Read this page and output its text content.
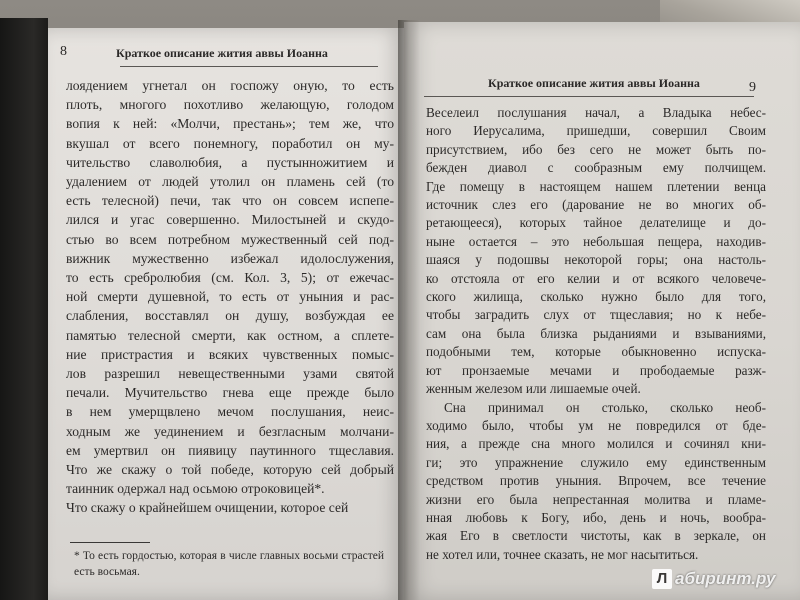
8	Краткое описание жития аввы Иоанна
лоядением угнетал он госпожу оную, то есть
плоть, многого похотливо желающую, голодом
вопия к ней: «Молчи, престань»; тем же, что
вкушал от всего понемногу, поработил он му-
чительство славолюбия, а пустынножитием и
удалением от людей утолил он пламень сей (то
есть телесной) печи, так что он совсем испепе-
лился и угас совершенно. Милостыней и скудо-
стью во всем потребном мужественный сей под-
вижник мужественно избежал идолослужения,
то есть сребролюбия (см. Кол. 3, 5); от ежечас-
ной смерти душевной, то есть от уныния и рас-
слабления, восставлял он душу, возбуждая ее
памятью телесной смерти, как остном, а сплете-
ние пристрастия и всяких чувственных помыс-
лов разрешил невещественными узами святой
печали. Мучительство гнева еще прежде было
в нем умерщвлено мечом послушания, неис-
ходным же уединением и безгласным молчани-
ем умертвил он пиявицу паутинного тщеславия.
Что же скажу о той победе, которую сей добрый
таинник одержал над осьмою отроковицей*.
Что скажу о крайнейшем очищении, которое сей
* То есть гордостью, которая в числе главных восьми страстей есть восьмая.
Краткое описание жития аввы Иоанна	9
Веселеил послушания начал, а Владыка небес-
ного Иерусалима, пришедши, совершил Своим
присутствием, ибо без сего не может быть по-
бежден диавол с сообразным ему полчищем.
Где помещу в настоящем нашем плетении венца
источник слез его (дарование не во многих об-
ретающееся), которых тайное делателище и до-
ныне остается – это небольшая пещера, находив-
шаяся у подошвы некоторой горы; она настоль-
ко отстояла от его келии и от всякого человече-
ского жилища, сколько нужно было для того,
чтобы заградить слух от тщеславия; но к небе-
сам она была близка рыданиями и взываниями,
подобными тем, которые обыкновенно испуска-
ют пронзаемые мечами и прободаемые разж-
женным железом или лишаемые очей.
Сна принимал он столько, сколько необ-
ходимо было, чтобы ум не повредился от бде-
ния, а прежде сна много молился и сочинял кни-
ги; это упражнение служило ему единственным
средством против уныния. Впрочем, все течение
жизни его была непрестанная молитва и пламе-
нная любовь к Богу, ибо, день и ночь, вообра-
жая Его в светлости чистоты, как в зеркале, он
не хотел или, точнее сказать, не мог насытиться.
Л абиринт.ру
